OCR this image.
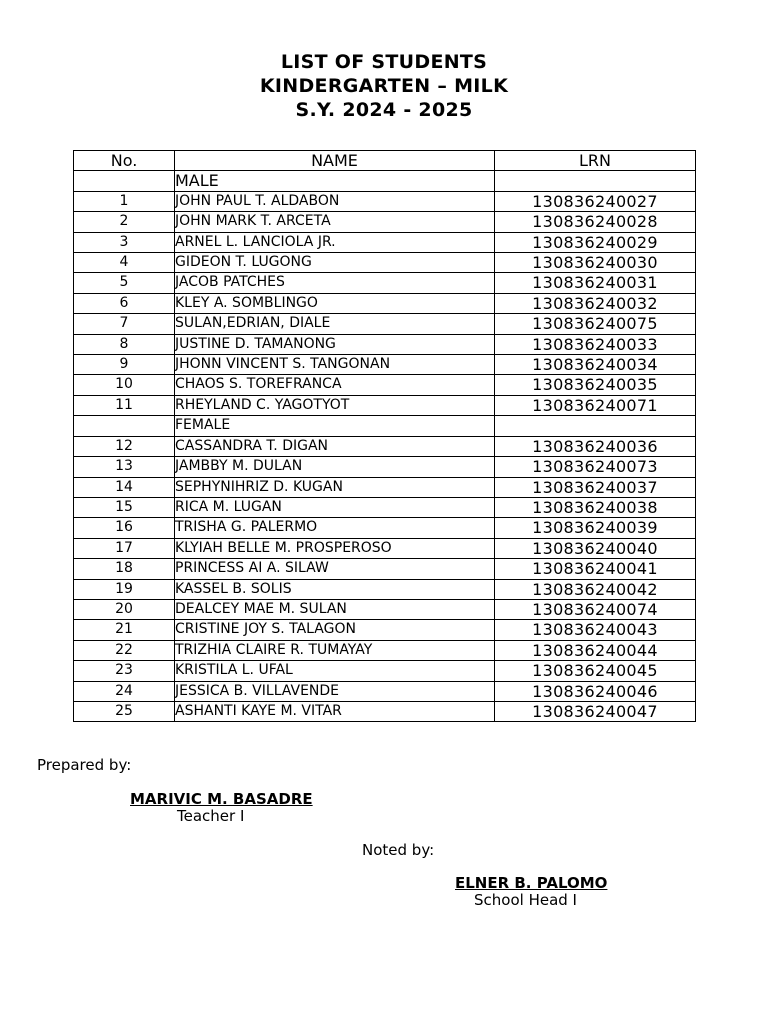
LIST OF STUDENTS
KINDERGARTEN – MILK
S.Y. 2024 - 2025
No.	NAME	LRN
	MALE	
1	JOHN PAUL T. ALDABON	130836240027
2	JOHN MARK T. ARCETA	130836240028
3	ARNEL L. LANCIOLA JR.	130836240029
4	GIDEON T. LUGONG	130836240030
5	JACOB PATCHES	130836240031
6	KLEY A. SOMBLINGO	130836240032
7	SULAN,EDRIAN, DIALE	130836240075
8	JUSTINE D. TAMANONG	130836240033
9	JHONN VINCENT S. TANGONAN	130836240034
10	CHAOS S. TOREFRANCA	130836240035
11	RHEYLAND C. YAGOTYOT	130836240071
	FEMALE	
12	CASSANDRA T. DIGAN	130836240036
13	JAMBBY M. DULAN	130836240073
14	SEPHYNIHRIZ D. KUGAN	130836240037
15	RICA M. LUGAN	130836240038
16	TRISHA G. PALERMO	130836240039
17	KLYIAH BELLE M. PROSPEROSO	130836240040
18	PRINCESS AI A. SILAW	130836240041
19	KASSEL B. SOLIS	130836240042
20	DEALCEY MAE M. SULAN	130836240074
21	CRISTINE JOY S. TALAGON	130836240043
22	TRIZHIA CLAIRE R. TUMAYAY	130836240044
23	KRISTILA L. UFAL	130836240045
24	JESSICA B. VILLAVENDE	130836240046
25	ASHANTI KAYE M. VITAR	130836240047
Prepared by:
MARIVIC M. BASADRE
Teacher I
Noted by:
ELNER B. PALOMO
School Head I
